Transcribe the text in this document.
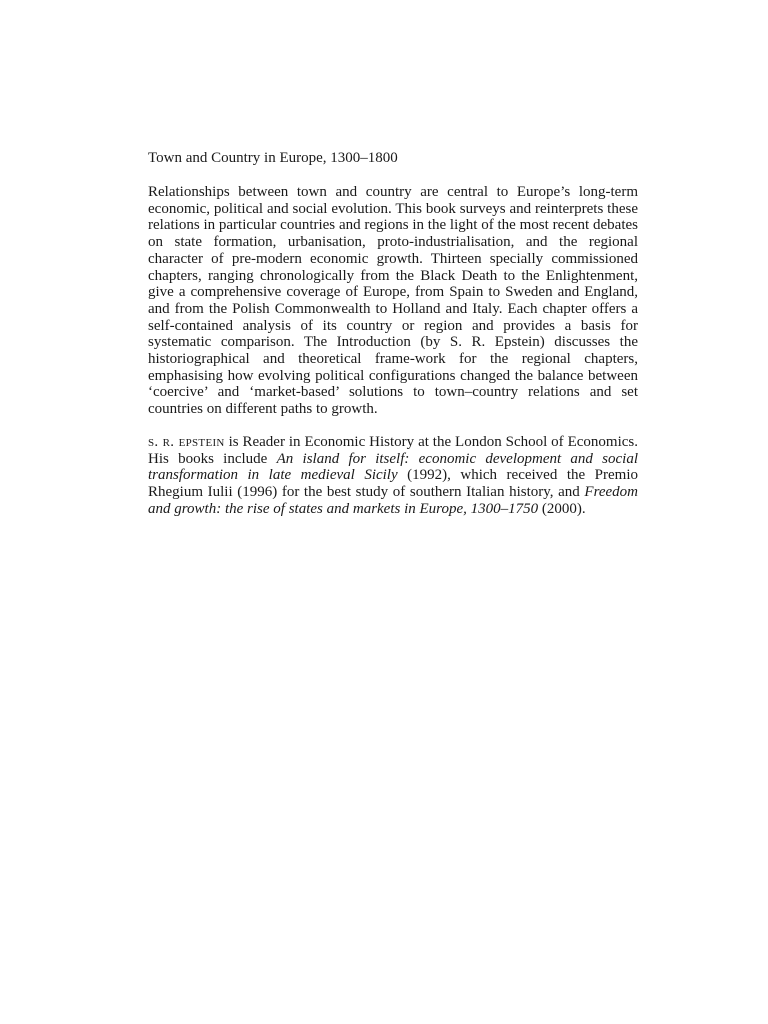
Town and Country in Europe, 1300–1800

Relationships between town and country are central to Europe’s long-term economic, political and social evolution. This book surveys and reinterprets these relations in particular countries and regions in the light of the most recent debates on state formation, urbanisation, proto-industrialisation, and the regional character of pre-modern economic growth. Thirteen specially commissioned chapters, ranging chronologically from the Black Death to the Enlightenment, give a comprehensive coverage of Europe, from Spain to Sweden and England, and from the Polish Commonwealth to Holland and Italy. Each chapter offers a self-contained analysis of its country or region and provides a basis for systematic comparison. The Introduction (by S. R. Epstein) discusses the historiographical and theoretical frame-work for the regional chapters, emphasising how evolving political configurations changed the balance between ‘coercive’ and ‘market-based’ solutions to town–country relations and set countries on different paths to growth.

s. r. epstein is Reader in Economic History at the London School of Economics. His books include An island for itself: economic development and social transformation in late medieval Sicily (1992), which received the Premio Rhegium Iulii (1996) for the best study of southern Italian history, and Freedom and growth: the rise of states and markets in Europe, 1300–1750 (2000).
